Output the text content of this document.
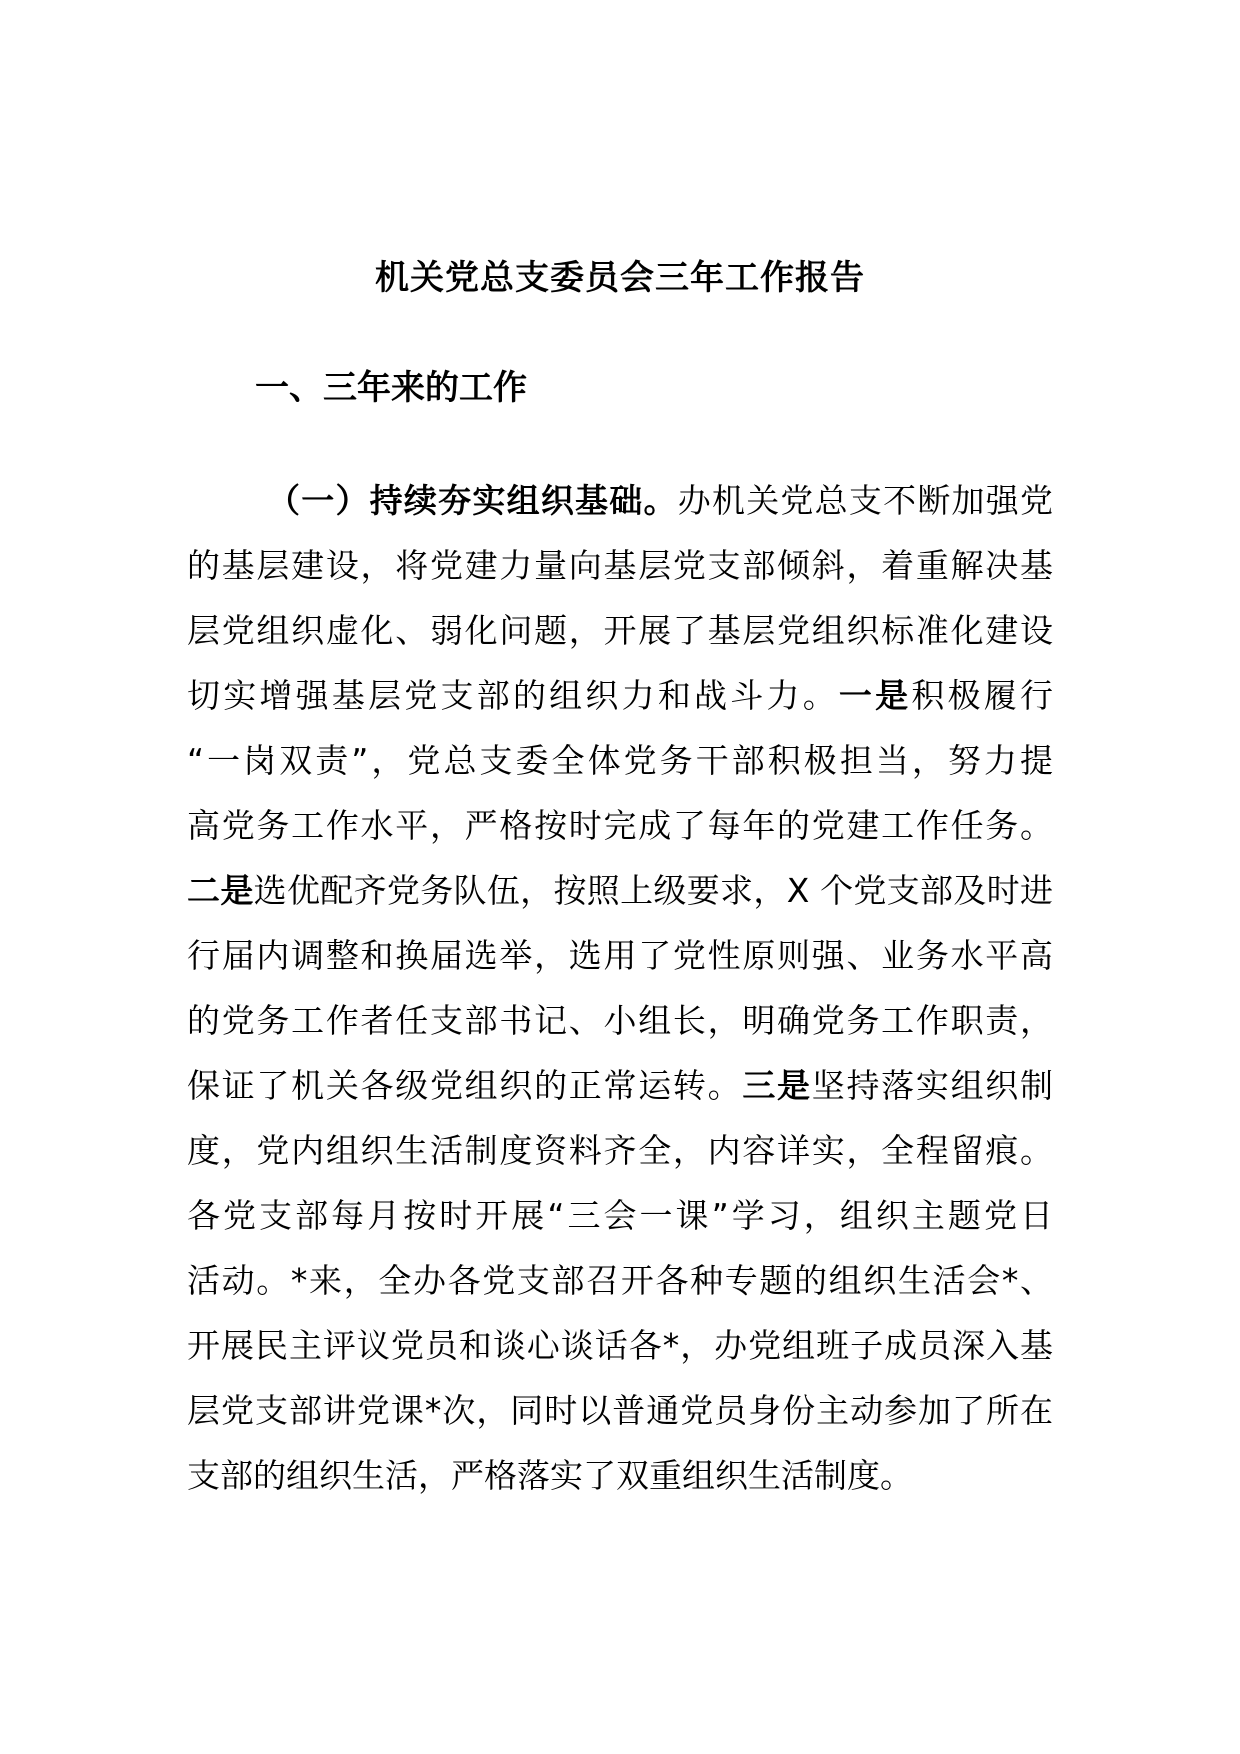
机关党总支委员会三年工作报告
一、三年来的工作
（一）持续夯实组织基础。办机关党总支不断加强党
的基层建设，将党建力量向基层党支部倾斜，着重解决基
层党组织虚化、弱化问题，开展了基层党组织标准化建设
切实增强基层党支部的组织力和战斗力。一是积极履行
“一岗双责”，党总支委全体党务干部积极担当，努力提
高党务工作水平，严格按时完成了每年的党建工作任务。
二是选优配齐党务队伍，按照上级要求，X 个党支部及时进
行届内调整和换届选举，选用了党性原则强、业务水平高
的党务工作者任支部书记、小组长，明确党务工作职责，
保证了机关各级党组织的正常运转。三是坚持落实组织制
度，党内组织生活制度资料齐全，内容详实，全程留痕。
各党支部每月按时开展“三会一课”学习，组织主题党日
活动。*来，全办各党支部召开各种专题的组织生活会*、
开展民主评议党员和谈心谈话各*，办党组班子成员深入基
层党支部讲党课*次，同时以普通党员身份主动参加了所在
支部的组织生活，严格落实了双重组织生活制度。
